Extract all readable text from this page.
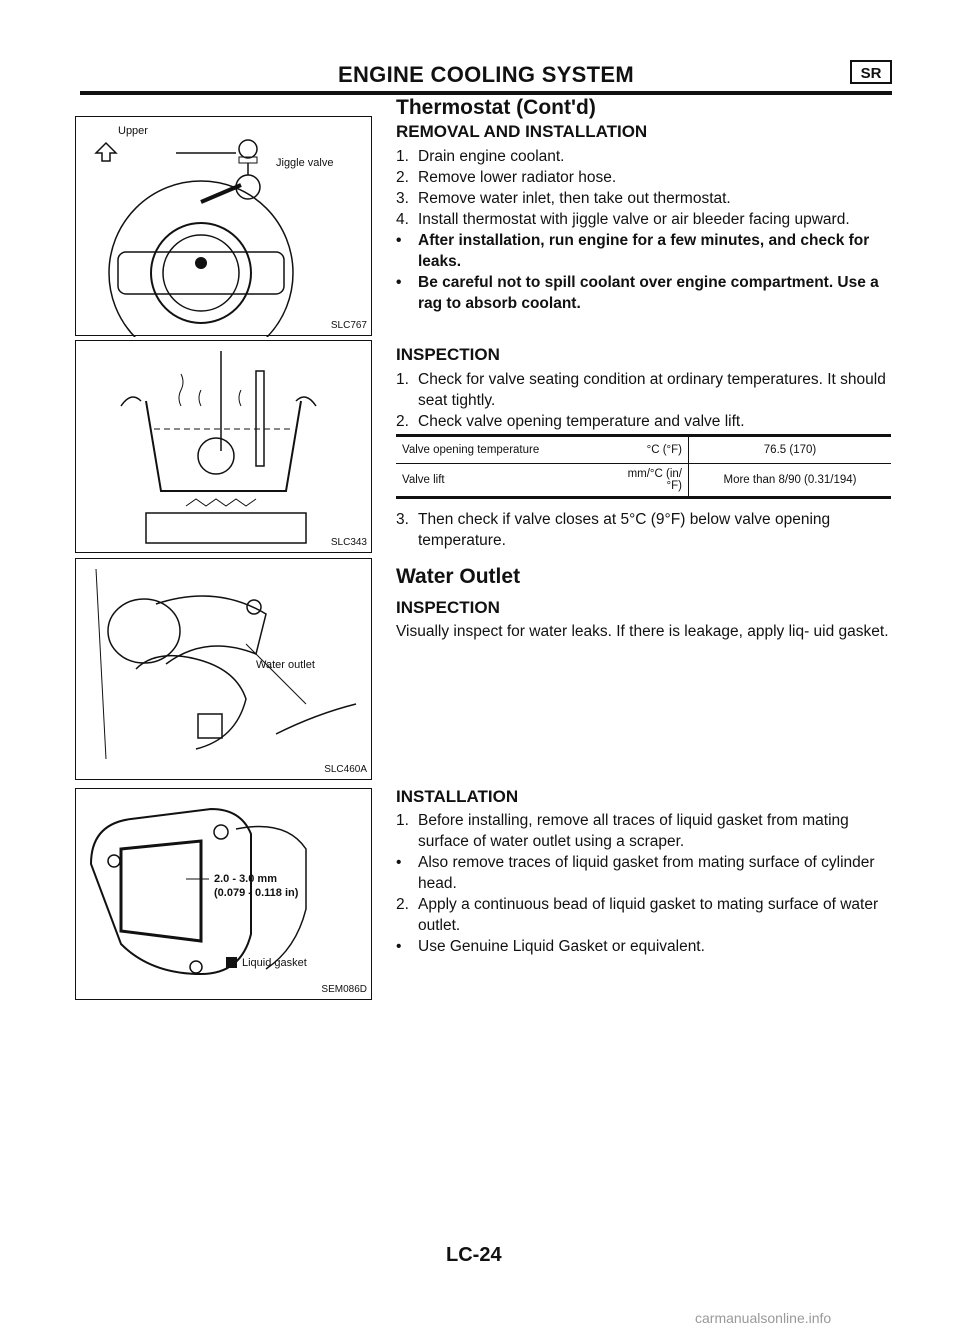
ENGINE COOLING SYSTEM	SR
Thermostat (Cont'd)
Upper
Jiggle valve
SLC767
SLC343
Water outlet
SLC460A
2.0 - 3.0 mm
(0.079 - 0.118 in)
Liquid gasket
SEM086D
REMOVAL AND INSTALLATION
1. Drain engine coolant.
2. Remove lower radiator hose.
3. Remove water inlet, then take out thermostat.
4. Install thermostat with jiggle valve or air bleeder facing upward.
• After installation, run engine for a few minutes, and check for leaks.
• Be careful not to spill coolant over engine compartment. Use a rag to absorb coolant.
INSPECTION
1. Check for valve seating condition at ordinary temperatures. It should seat tightly.
2. Check valve opening temperature and valve lift.
Valve opening temperature	°C (°F)	76.5 (170)
Valve lift	mm/°C (in/°F)	More than 8/90 (0.31/194)
3. Then check if valve closes at 5°C (9°F) below valve opening temperature.
Water Outlet
INSPECTION
Visually inspect for water leaks. If there is leakage, apply liq- uid gasket.
INSTALLATION
1. Before installing, remove all traces of liquid gasket from mating surface of water outlet using a scraper.
• Also remove traces of liquid gasket from mating surface of cylinder head.
2. Apply a continuous bead of liquid gasket to mating surface of water outlet.
• Use Genuine Liquid Gasket or equivalent.
LC-24
carmanualsonline.info
